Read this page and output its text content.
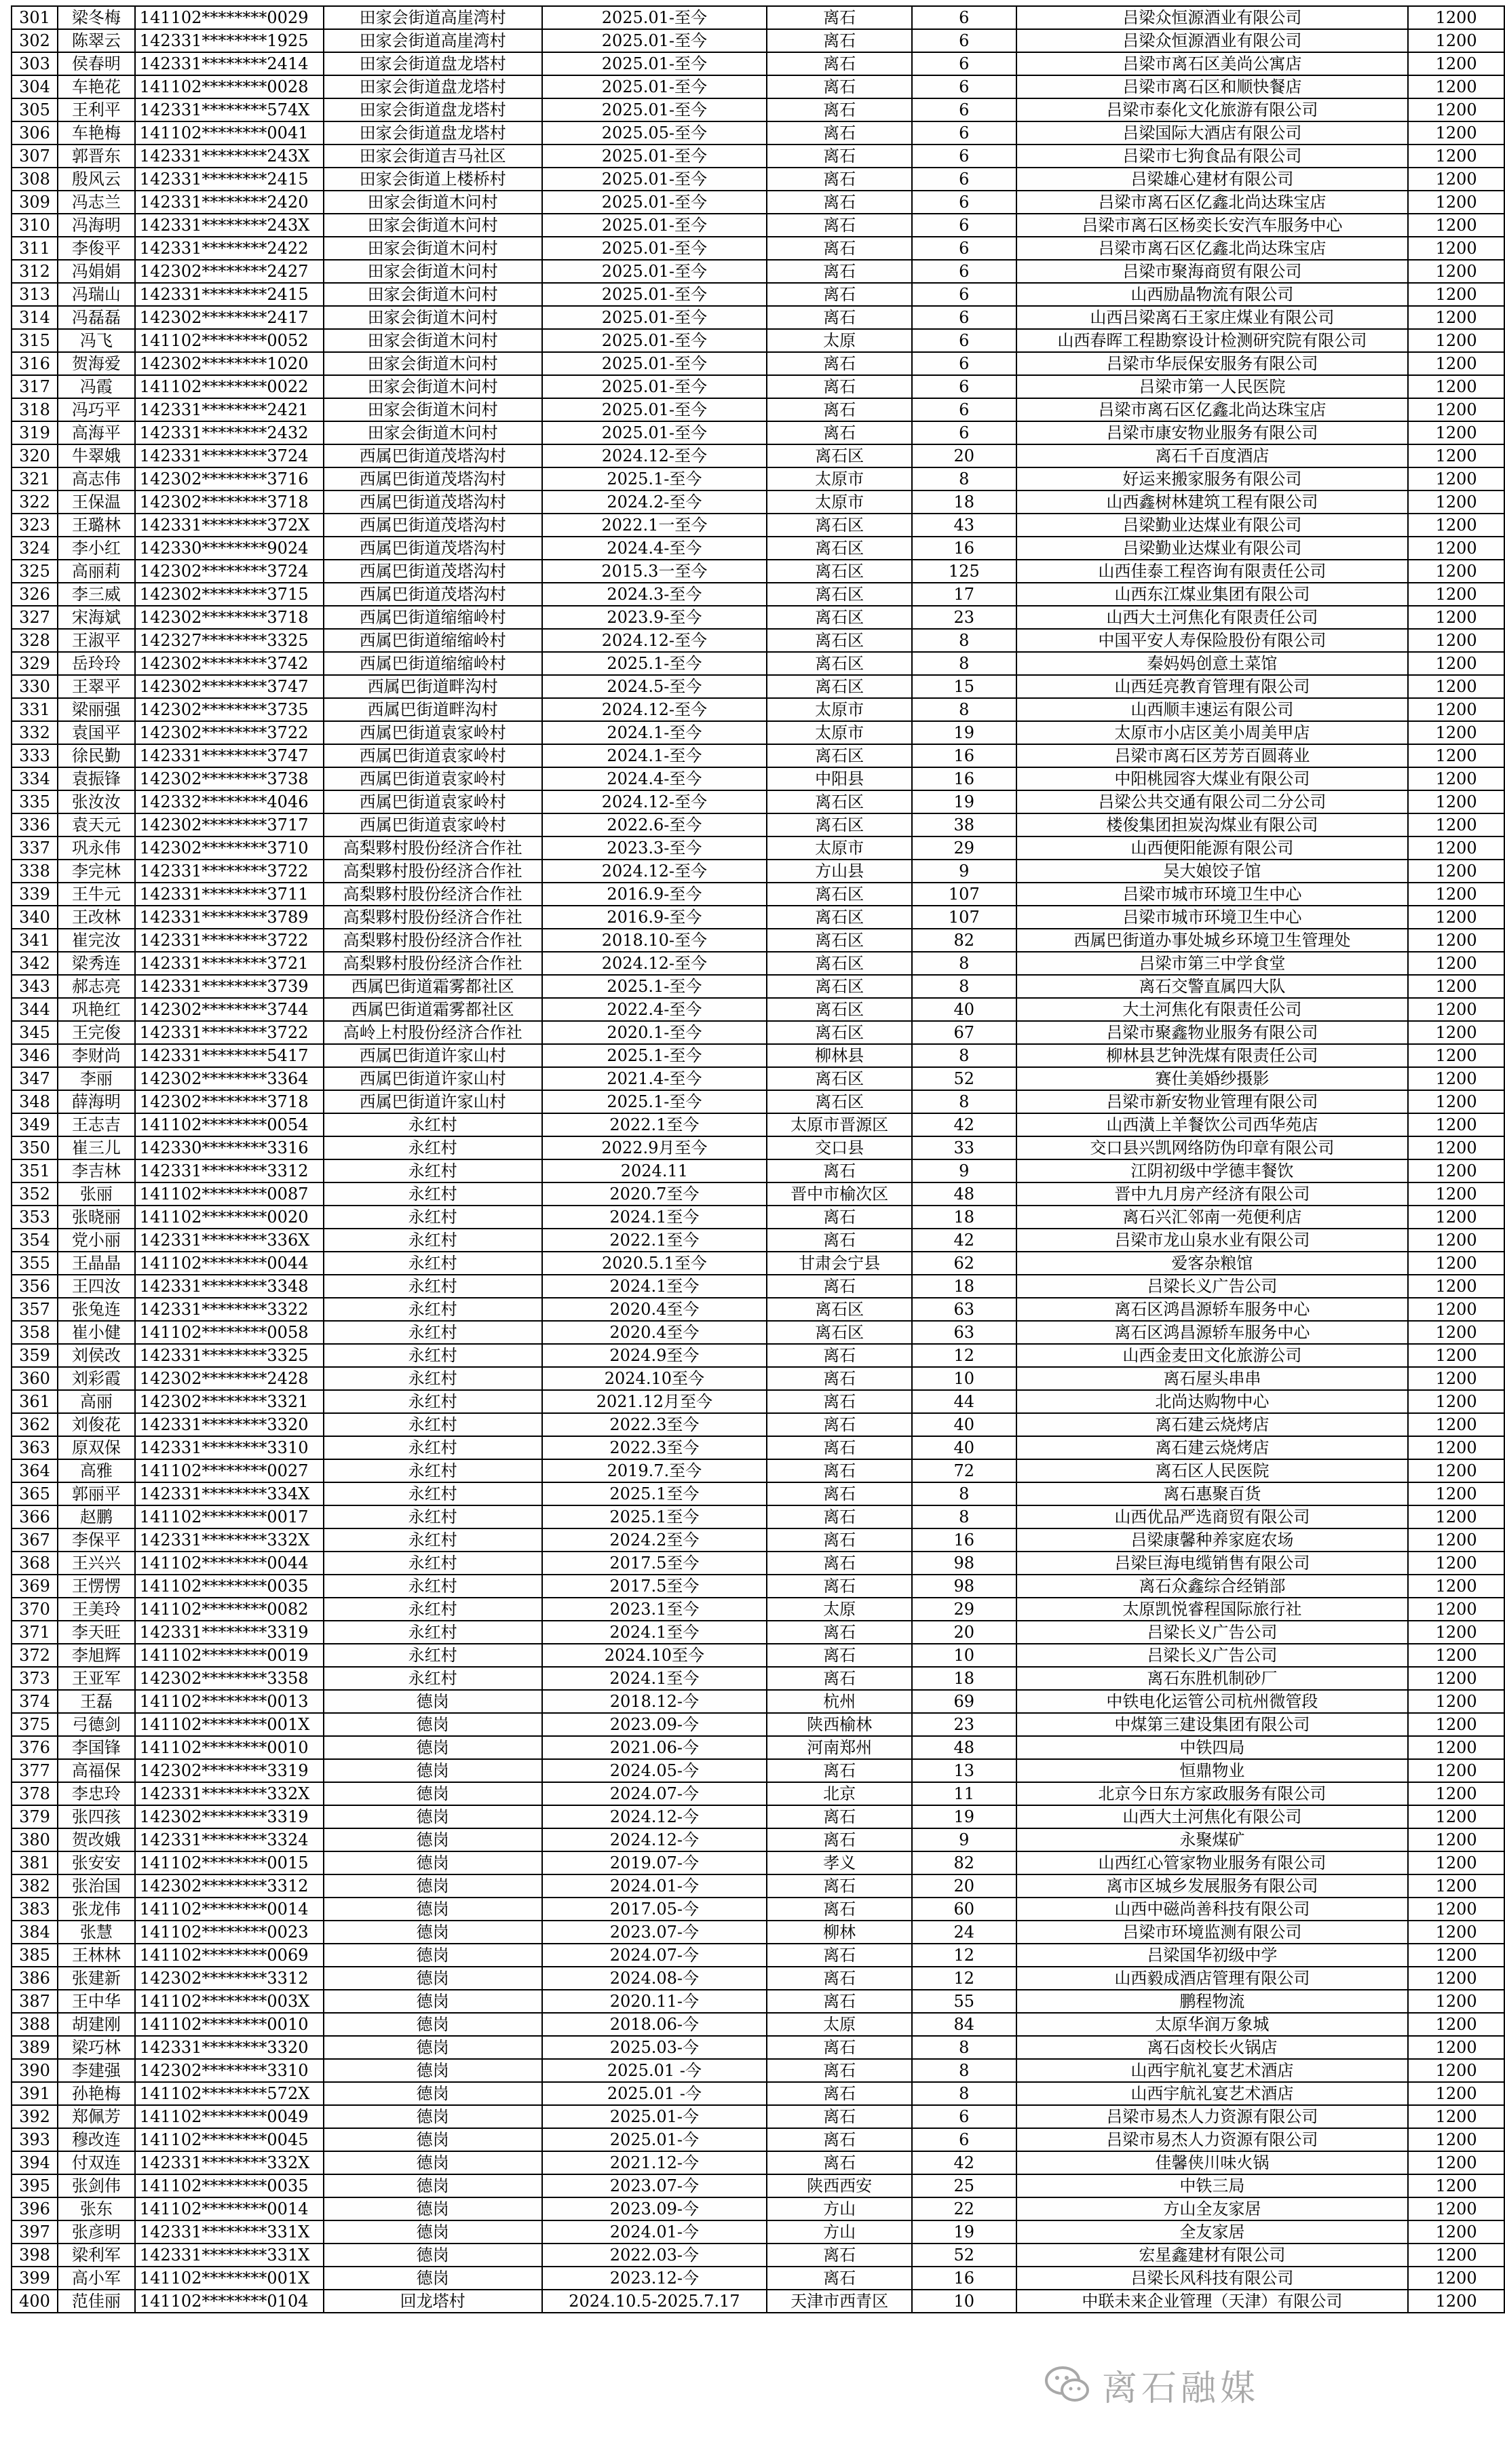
301	梁冬梅	141102********0029	田家会街道高崖湾村	2025.01-至今	离石	6	吕梁众恒源酒业有限公司	1200
302	陈翠云	142331********1925	田家会街道高崖湾村	2025.01-至今	离石	6	吕梁众恒源酒业有限公司	1200
303	侯春明	142331********2414	田家会街道盘龙塔村	2025.01-至今	离石	6	吕梁市离石区美尚公寓店	1200
304	车艳花	141102********0028	田家会街道盘龙塔村	2025.01-至今	离石	6	吕梁市离石区和顺快餐店	1200
305	王利平	142331********574X	田家会街道盘龙塔村	2025.01-至今	离石	6	吕梁市泰化文化旅游有限公司	1200
306	车艳梅	141102********0041	田家会街道盘龙塔村	2025.05-至今	离石	6	吕梁国际大酒店有限公司	1200
307	郭晋东	142331********243X	田家会街道吉马社区	2025.01-至今	离石	6	吕梁市七狗食品有限公司	1200
308	殷风云	142331********2415	田家会街道上楼桥村	2025.01-至今	离石	6	吕梁雄心建材有限公司	1200
309	冯志兰	142331********2420	田家会街道木问村	2025.01-至今	离石	6	吕梁市离石区亿鑫北尚达珠宝店	1200
310	冯海明	142331********243X	田家会街道木问村	2025.01-至今	离石	6	吕梁市离石区杨奕长安汽车服务中心	1200
311	李俊平	142331********2422	田家会街道木问村	2025.01-至今	离石	6	吕梁市离石区亿鑫北尚达珠宝店	1200
312	冯娟娟	142302********2427	田家会街道木问村	2025.01-至今	离石	6	吕梁市聚海商贸有限公司	1200
313	冯瑞山	142331********2415	田家会街道木问村	2025.01-至今	离石	6	山西励晶物流有限公司	1200
314	冯磊磊	142302********2417	田家会街道木问村	2025.01-至今	离石	6	山西吕梁离石王家庄煤业有限公司	1200
315	冯飞	141102********0052	田家会街道木问村	2025.01-至今	太原	6	山西春晖工程勘察设计检测研究院有限公司	1200
316	贺海爱	142302********1020	田家会街道木问村	2025.01-至今	离石	6	吕梁市华辰保安服务有限公司	1200
317	冯霞	141102********0022	田家会街道木问村	2025.01-至今	离石	6	吕梁市第一人民医院	1200
318	冯巧平	142331********2421	田家会街道木问村	2025.01-至今	离石	6	吕梁市离石区亿鑫北尚达珠宝店	1200
319	高海平	142331********2432	田家会街道木问村	2025.01-至今	离石	6	吕梁市康安物业服务有限公司	1200
320	牛翠娥	142331********3724	西属巴街道茂塔沟村	2024.12-至今	离石区	20	离石千百度酒店	1200
321	高志伟	142302********3716	西属巴街道茂塔沟村	2025.1-至今	太原市	8	好运来搬家服务有限公司	1200
322	王保温	142302********3718	西属巴街道茂塔沟村	2024.2-至今	太原市	18	山西鑫树林建筑工程有限公司	1200
323	王璐林	142331********372X	西属巴街道茂塔沟村	2022.1一至今	离石区	43	吕梁勤业达煤业有限公司	1200
324	李小红	142330********9024	西属巴街道茂塔沟村	2024.4-至今	离石区	16	吕梁勤业达煤业有限公司	1200
325	高丽莉	142302********3724	西属巴街道茂塔沟村	2015.3一至今	离石区	125	山西佳泰工程咨询有限责任公司	1200
326	李三威	142302********3715	西属巴街道茂塔沟村	2024.3-至今	离石区	17	山西东江煤业集团有限公司	1200
327	宋海斌	142302********3718	西属巴街道缩缩岭村	2023.9-至今	离石区	23	山西大土河焦化有限责任公司	1200
328	王淑平	142327********3325	西属巴街道缩缩岭村	2024.12-至今	离石区	8	中国平安人寿保险股份有限公司	1200
329	岳玲玲	142302********3742	西属巴街道缩缩岭村	2025.1-至今	离石区	8	秦妈妈创意土菜馆	1200
330	王翠平	142302********3747	西属巴街道畔沟村	2024.5-至今	离石区	15	山西廷亮教育管理有限公司	1200
331	梁丽强	142302********3735	西属巴街道畔沟村	2024.12-至今	太原市	8	山西顺丰速运有限公司	1200
332	袁国平	142302********3722	西属巴街道袁家岭村	2024.1-至今	太原市	19	太原市小店区美小周美甲店	1200
333	徐民勤	142331********3747	西属巴街道袁家岭村	2024.1-至今	离石区	16	吕梁市离石区芳芳百圆蒋业	1200
334	袁振锋	142302********3738	西属巴街道袁家岭村	2024.4-至今	中阳县	16	中阳桃园容大煤业有限公司	1200
335	张汝汝	142332********4046	西属巴街道袁家岭村	2024.12-至今	离石区	19	吕梁公共交通有限公司二分公司	1200
336	袁天元	142302********3717	西属巴街道袁家岭村	2022.6-至今	离石区	38	楼俊集团担炭沟煤业有限公司	1200
337	巩永伟	142302********3710	高梨夥村股份经济合作社	2023.3-至今	太原市	29	山西便阳能源有限公司	1200
338	李完林	142331********3722	高梨夥村股份经济合作社	2024.12-至今	方山县	9	吴大娘饺子馆	1200
339	王牛元	142331********3711	高梨夥村股份经济合作社	2016.9-至今	离石区	107	吕梁市城市环境卫生中心	1200
340	王改林	142331********3789	高梨夥村股份经济合作社	2016.9-至今	离石区	107	吕梁市城市环境卫生中心	1200
341	崔完汝	142331********3722	高梨夥村股份经济合作社	2018.10-至今	离石区	82	西属巴街道办事处城乡环境卫生管理处	1200
342	梁秀连	142331********3721	高梨夥村股份经济合作社	2024.12-至今	离石区	8	吕梁市第三中学食堂	1200
343	郝志亮	142331********3739	西属巴街道霜雾都社区	2025.1-至今	离石区	8	离石交警直属四大队	1200
344	巩艳红	142302********3744	西属巴街道霜雾都社区	2022.4-至今	离石区	40	大土河焦化有限责任公司	1200
345	王完俊	142331********3722	高岭上村股份经济合作社	2020.1-至今	离石区	67	吕梁市聚鑫物业服务有限公司	1200
346	李财尚	142331********5417	西属巴街道许家山村	2025.1-至今	柳林县	8	柳林县艺钟洗煤有限责任公司	1200
347	李丽	142302********3364	西属巴街道许家山村	2021.4-至今	离石区	52	赛仕美婚纱摄影	1200
348	薛海明	142302********3718	西属巴街道许家山村	2025.1-至今	离石区	8	吕梁市新安物业管理有限公司	1200
349	王志吉	141102********0054	永红村	2022.1至今	太原市晋源区	42	山西潢上羊餐饮公司西华苑店	1200
350	崔三儿	142330********3316	永红村	2022.9月至今	交口县	33	交口县兴凯网络防伪印章有限公司	1200
351	李吉林	142331********3312	永红村	2024.11	离石	9	江阴初级中学德丰餐饮	1200
352	张丽	141102********0087	永红村	2020.7至今	晋中市榆次区	48	晋中九月房产经济有限公司	1200
353	张晓丽	141102********0020	永红村	2024.1至今	离石	18	离石兴汇邻南一苑便利店	1200
354	党小丽	142331********336X	永红村	2022.1至今	离石	42	吕梁市龙山泉水业有限公司	1200
355	王晶晶	141102********0044	永红村	2020.5.1至今	甘肃会宁县	62	爱客杂粮馆	1200
356	王四汝	142331********3348	永红村	2024.1至今	离石	18	吕梁长义广告公司	1200
357	张兔连	142331********3322	永红村	2020.4至今	离石区	63	离石区鸿昌源轿车服务中心	1200
358	崔小健	141102********0058	永红村	2020.4至今	离石区	63	离石区鸿昌源轿车服务中心	1200
359	刘侯改	142331********3325	永红村	2024.9至今	离石	12	山西金麦田文化旅游公司	1200
360	刘彩霞	142302********2428	永红村	2024.10至今	离石	10	离石屋头串串	1200
361	高丽	142302********3321	永红村	2021.12月至今	离石	44	北尚达购物中心	1200
362	刘俊花	142331********3320	永红村	2022.3至今	离石	40	离石建云烧烤店	1200
363	原双保	142331********3310	永红村	2022.3至今	离石	40	离石建云烧烤店	1200
364	高雅	141102********0027	永红村	2019.7.至今	离石	72	离石区人民医院	1200
365	郭丽平	142331********334X	永红村	2025.1至今	离石	8	离石惠聚百货	1200
366	赵鹏	141102********0017	永红村	2025.1至今	离石	8	山西优品严选商贸有限公司	1200
367	李保平	142331********332X	永红村	2024.2至今	离石	16	吕梁康馨种养家庭农场	1200
368	王兴兴	141102********0044	永红村	2017.5至今	离石	98	吕梁巨海电缆销售有限公司	1200
369	王愣愣	141102********0035	永红村	2017.5至今	离石	98	离石众鑫综合经销部	1200
370	王美玲	141102********0082	永红村	2023.1至今	太原	29	太原凯悦睿程国际旅行社	1200
371	李天旺	142331********3319	永红村	2024.1至今	离石	20	吕梁长义广告公司	1200
372	李旭辉	141102********0019	永红村	2024.10至今	离石	10	吕梁长义广告公司	1200
373	王亚军	142302********3358	永红村	2024.1至今	离石	18	离石东胜机制砂厂	1200
374	王磊	141102********0013	德岗	2018.12-今	杭州	69	中铁电化运管公司杭州微管段	1200
375	弓德剑	141102********001X	德岗	2023.09-今	陕西榆林	23	中煤第三建设集团有限公司	1200
376	李国锋	141102********0010	德岗	2021.06-今	河南郑州	48	中铁四局	1200
377	高福保	142302********3319	德岗	2024.05-今	离石	13	恒鼎物业	1200
378	李忠玲	142331********332X	德岗	2024.07-今	北京	11	北京今日东方家政服务有限公司	1200
379	张四孩	142302********3319	德岗	2024.12-今	离石	19	山西大土河焦化有限公司	1200
380	贺改娥	142331********3324	德岗	2024.12-今	离石	9	永聚煤矿	1200
381	张安安	141102********0015	德岗	2019.07-今	孝义	82	山西红心管家物业服务有限公司	1200
382	张治国	142302********3312	德岗	2024.01-今	离石	20	离市区城乡发展服务有限公司	1200
383	张龙伟	141102********0014	德岗	2017.05-今	离石	60	山西中磁尚善科技有限公司	1200
384	张慧	141102********0023	德岗	2023.07-今	柳林	24	吕梁市环境监测有限公司	1200
385	王林林	141102********0069	德岗	2024.07-今	离石	12	吕梁国华初级中学	1200
386	张建新	142302********3312	德岗	2024.08-今	离石	12	山西毅成酒店管理有限公司	1200
387	王中华	141102********003X	德岗	2020.11-今	离石	55	鹏程物流	1200
388	胡建刚	141102********0010	德岗	2018.06-今	太原	84	太原华润万象城	1200
389	梁巧林	142331********3320	德岗	2025.03-今	离石	8	离石卤校长火锅店	1200
390	李建强	142302********3310	德岗	2025.01 -今	离石	8	山西宇航礼宴艺术酒店	1200
391	孙艳梅	141102********572X	德岗	2025.01 -今	离石	8	山西宇航礼宴艺术酒店	1200
392	郑佩芳	141102********0049	德岗	2025.01-今	离石	6	吕梁市易杰人力资源有限公司	1200
393	穆改连	141102********0045	德岗	2025.01-今	离石	6	吕梁市易杰人力资源有限公司	1200
394	付双连	142331********332X	德岗	2021.12-今	离石	42	佳馨侠川味火锅	1200
395	张剑伟	141102********0035	德岗	2023.07-今	陕西西安	25	中铁三局	1200
396	张东	141102********0014	德岗	2023.09-今	方山	22	方山全友家居	1200
397	张彦明	142331********331X	德岗	2024.01-今	方山	19	全友家居	1200
398	梁利军	142331********331X	德岗	2022.03-今	离石	52	宏星鑫建材有限公司	1200
399	高小军	141102********001X	德岗	2023.12-今	离石	16	吕梁长风科技有限公司	1200
400	范佳丽	141102********0104	回龙塔村	2024.10.5-2025.7.17	天津市西青区	10	中联未来企业管理（天津）有限公司	1200
离石融媒
